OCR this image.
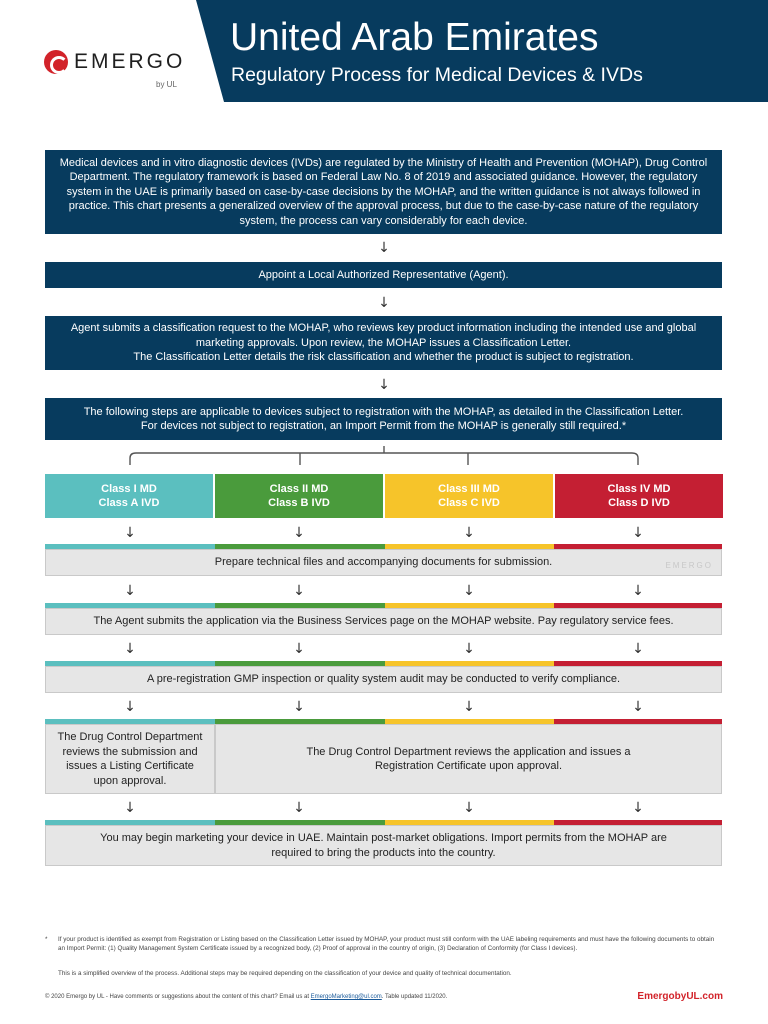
EMERGO
by UL
United Arab Emirates
Regulatory Process for Medical Devices & IVDs
Medical devices and in vitro diagnostic devices (IVDs) are regulated by the Ministry of Health and Prevention (MOHAP), Drug Control Department. The regulatory framework is based on Federal Law No. 8 of 2019 and associated guidance. However, the regulatory system in the UAE is primarily based on case-by-case decisions by the MOHAP, and the written guidance is not always followed in practice. This chart presents a generalized overview of the approval process, but due to the case-by-case nature of the regulatory system, the process can vary considerably for each device.
↓
Appoint a Local Authorized Representative (Agent).
↓
Agent submits a classification request to the MOHAP, who reviews key product information including the intended use and global marketing approvals. Upon review, the MOHAP issues a Classification Letter.
The Classification Letter details the risk classification and whether the product is subject to registration.
↓
The following steps are applicable to devices subject to registration with the MOHAP, as detailed in the Classification Letter.
For devices not subject to registration, an Import Permit from the MOHAP is generally still required.*
Class I MD
Class A IVD
Class II MD
Class B IVD
Class III MD
Class C IVD
Class IV MD
Class D IVD
↓	↓	↓	↓
Prepare technical files and accompanying documents for submission.	EMERGO
↓	↓	↓	↓
The Agent submits the application via the Business Services page on the MOHAP website. Pay regulatory service fees.
↓	↓	↓	↓
A pre-registration GMP inspection or quality system audit may be conducted to verify compliance.
↓	↓	↓	↓
The Drug Control Department reviews the submission and issues a Listing Certificate upon approval.
The Drug Control Department reviews the application and issues a Registration Certificate upon approval.
↓	↓	↓	↓
You may begin marketing your device in UAE. Maintain post-market obligations. Import permits from the MOHAP are required to bring the products into the country.
* If your product is identified as exempt from Registration or Listing based on the Classification Letter issued by MOHAP, your product must still conform with the UAE labeling requirements and must have the following documents to obtain an Import Permit: (1) Quality Management System Certificate issued by a recognized body, (2) Proof of approval in the country of origin, (3) Declaration of Conformity (for Class I devices).
This is a simplified overview of the process. Additional steps may be required depending on the classification of your device and quality of technical documentation.
© 2020 Emergo by UL - Have comments or suggestions about the content of this chart? Email us at EmergoMarketing@ul.com. Table updated 11/2020.	EmergobyUL.com
